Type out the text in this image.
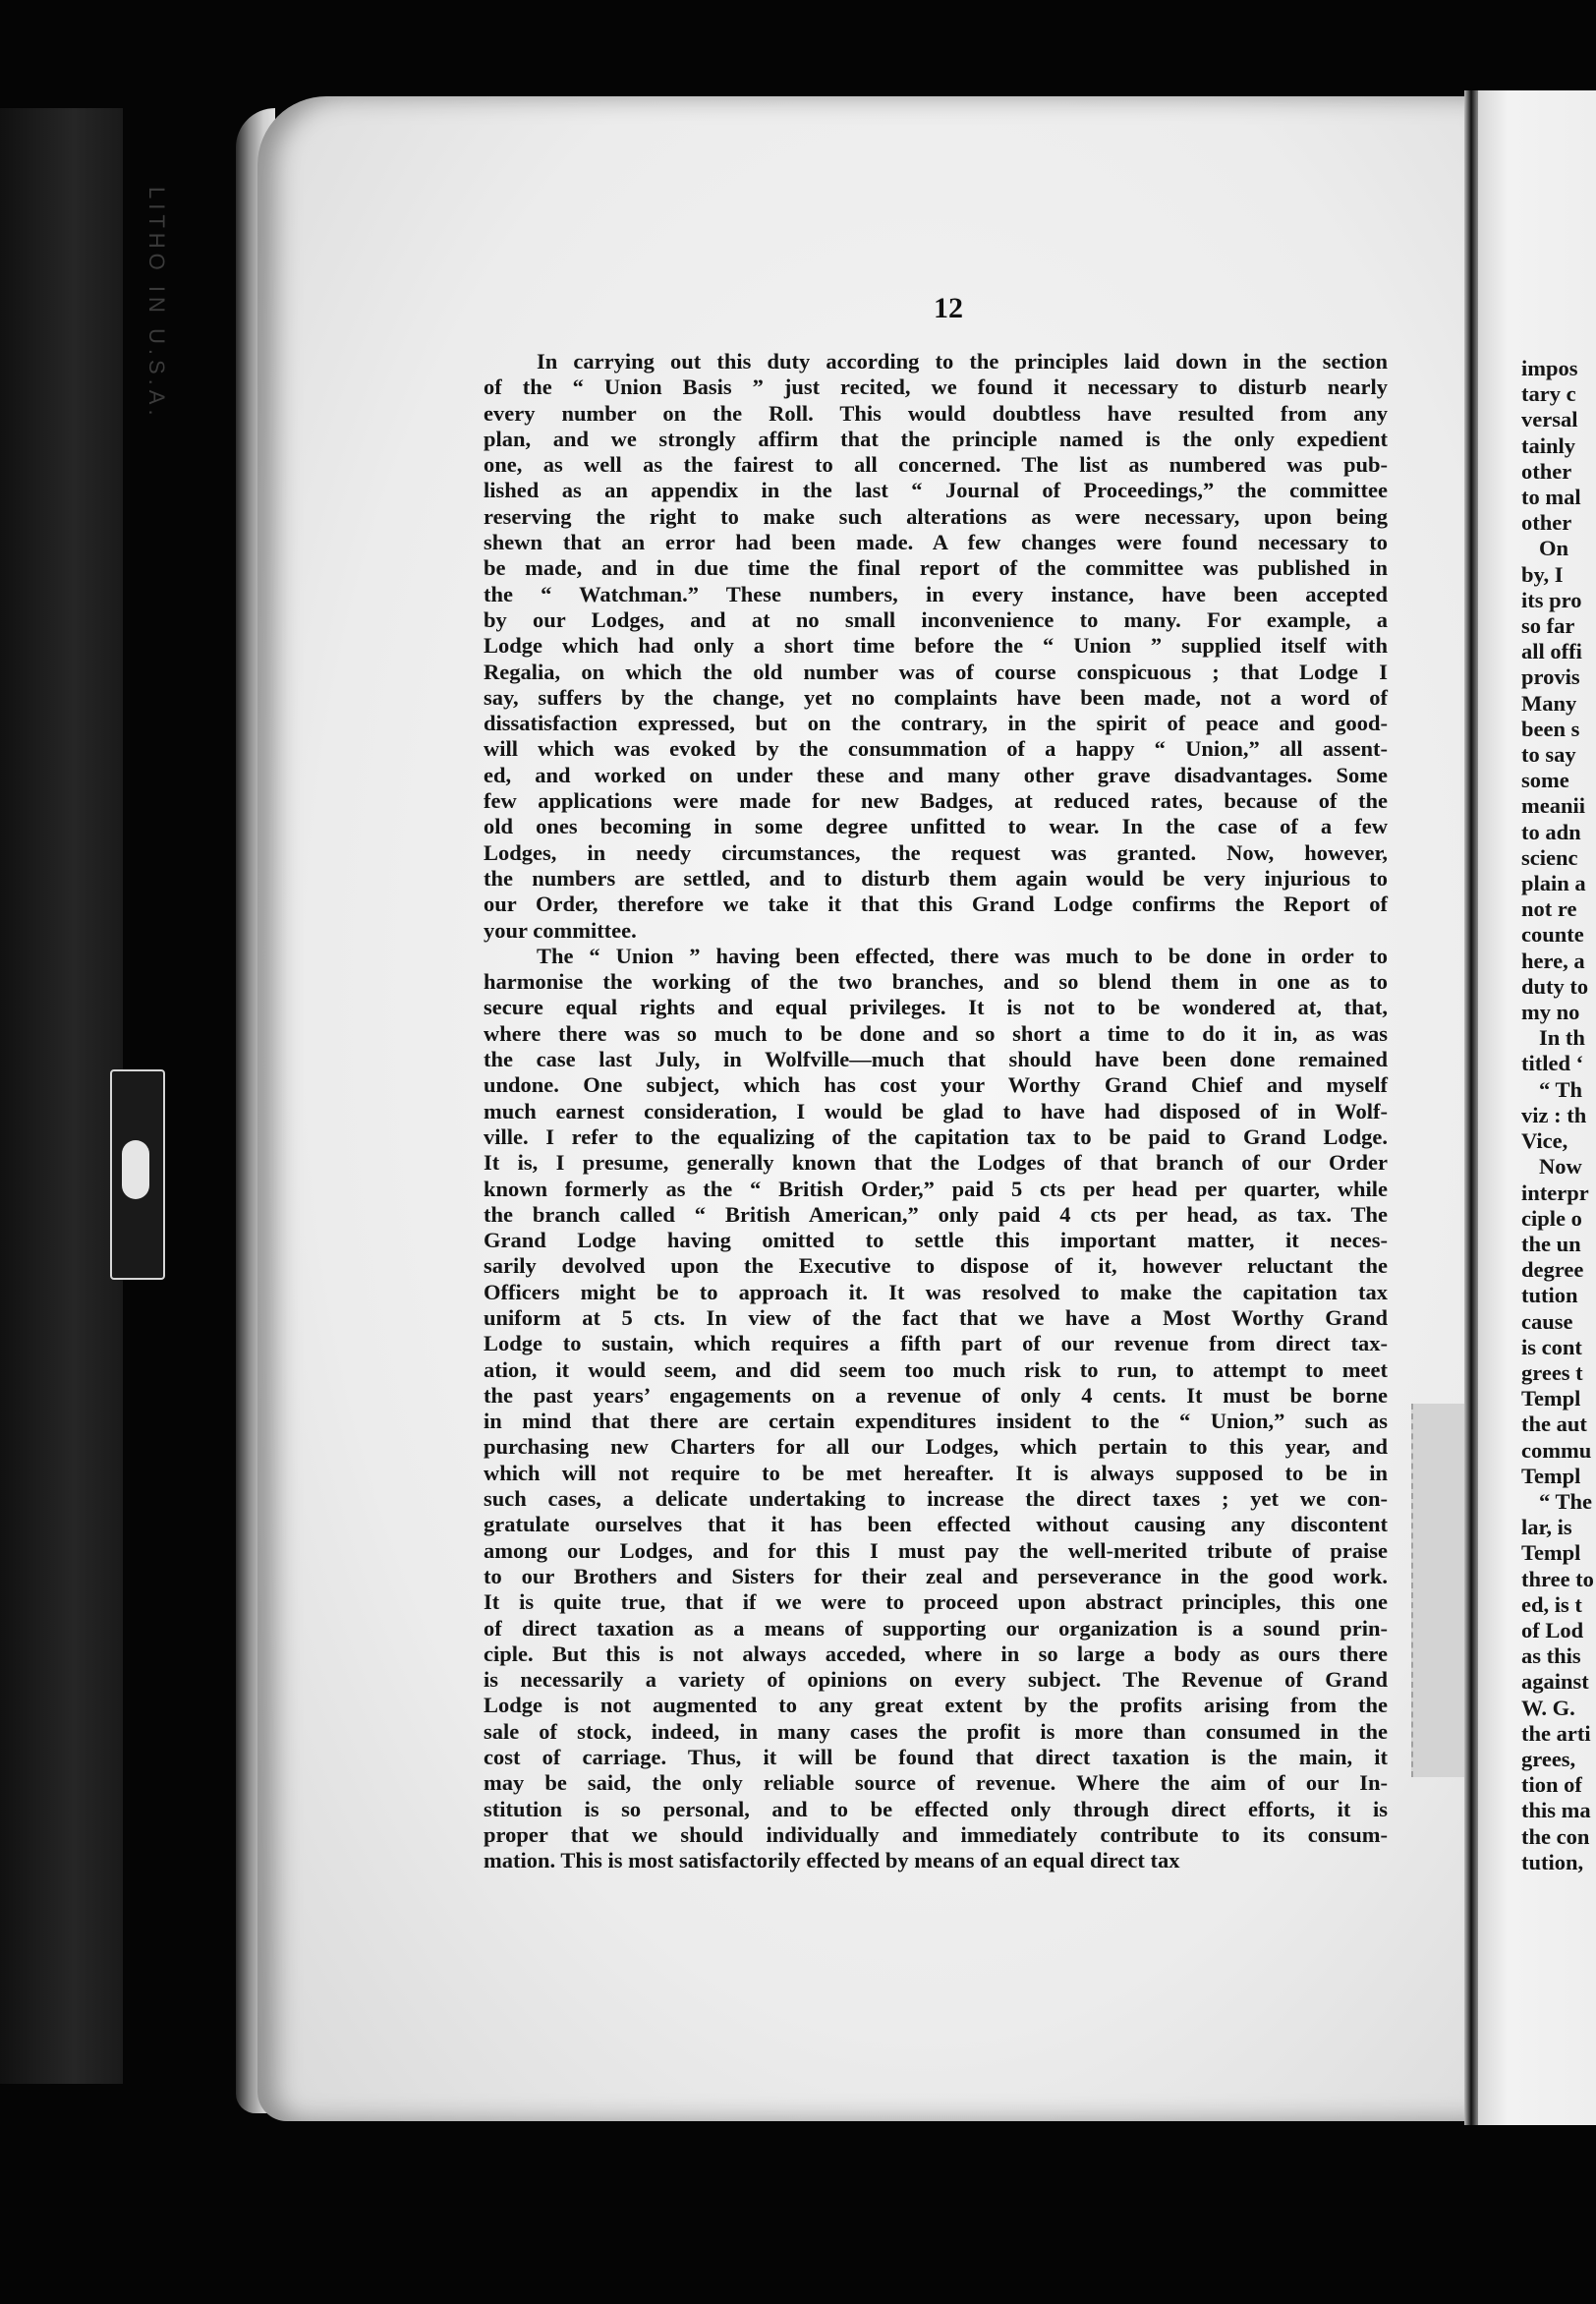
LITHO IN U.S.A.	12
In carrying out this duty according to the principles laid down in the section
of the “ Union Basis ” just recited, we found it necessary to disturb nearly
every number on the Roll. This would doubtless have resulted from any
plan, and we strongly affirm that the principle named is the only expedient
one, as well as the fairest to all concerned. The list as numbered was pub-
lished as an appendix in the last “ Journal of Proceedings,” the committee
reserving the right to make such alterations as were necessary, upon being
shewn that an error had been made. A few changes were found necessary to
be made, and in due time the final report of the committee was published in
the “ Watchman.” These numbers, in every instance, have been accepted
by our Lodges, and at no small inconvenience to many. For example, a
Lodge which had only a short time before the “ Union ” supplied itself with
Regalia, on which the old number was of course conspicuous ; that Lodge I
say, suffers by the change, yet no complaints have been made, not a word of
dissatisfaction expressed, but on the contrary, in the spirit of peace and good-
will which was evoked by the consummation of a happy “ Union,” all assent-
ed, and worked on under these and many other grave disadvantages. Some
few applications were made for new Badges, at reduced rates, because of the
old ones becoming in some degree unfitted to wear. In the case of a few
Lodges, in needy circumstances, the request was granted. Now, however,
the numbers are settled, and to disturb them again would be very injurious to
our Order, therefore we take it that this Grand Lodge confirms the Report of
your committee.
The “ Union ” having been effected, there was much to be done in order to
harmonise the working of the two branches, and so blend them in one as to
secure equal rights and equal privileges. It is not to be wondered at, that,
where there was so much to be done and so short a time to do it in, as was
the case last July, in Wolfville—much that should have been done remained
undone. One subject, which has cost your Worthy Grand Chief and myself
much earnest consideration, I would be glad to have had disposed of in Wolf-
ville. I refer to the equalizing of the capitation tax to be paid to Grand Lodge.
It is, I presume, generally known that the Lodges of that branch of our Order
known formerly as the “ British Order,” paid 5 cts per head per quarter, while
the branch called “ British American,” only paid 4 cts per head, as tax. The
Grand Lodge having omitted to settle this important matter, it neces-
sarily devolved upon the Executive to dispose of it, however reluctant the
Officers might be to approach it. It was resolved to make the capitation tax
uniform at 5 cts. In view of the fact that we have a Most Worthy Grand
Lodge to sustain, which requires a fifth part of our revenue from direct tax-
ation, it would seem, and did seem too much risk to run, to attempt to meet
the past years’ engagements on a revenue of only 4 cents. It must be borne
in mind that there are certain expenditures insident to the “ Union,” such as
purchasing new Charters for all our Lodges, which pertain to this year, and
which will not require to be met hereafter. It is always supposed to be in
such cases, a delicate undertaking to increase the direct taxes ; yet we con-
gratulate ourselves that it has been effected without causing any discontent
among our Lodges, and for this I must pay the well-merited tribute of praise
to our Brothers and Sisters for their zeal and perseverance in the good work.
It is quite true, that if we were to proceed upon abstract principles, this one
of direct taxation as a means of supporting our organization is a sound prin-
ciple. But this is not always acceded, where in so large a body as ours there
is necessarily a variety of opinions on every subject. The Revenue of Grand
Lodge is not augmented to any great extent by the profits arising from the
sale of stock, indeed, in many cases the profit is more than consumed in the
cost of carriage. Thus, it will be found that direct taxation is the main, it
may be said, the only reliable source of revenue. Where the aim of our In-
stitution is so personal, and to be effected only through direct efforts, it is
proper that we should individually and immediately contribute to its consum-
mation. This is most satisfactorily effected by means of an equal direct tax
impos
tary c
versal
tainly
other
to mal
other
On
by, I
its pro
so far
all offi
provis
Many
been s
to say
some
meanii
to adn
scienc
plain a
not re
counte
here, a
duty to
my no
In th
titled ‘
“ Th
viz : th
Vice,
Now
interpr
ciple o
the un
degree
tution
cause
is cont
grees t
Templ
the aut
commu
Templ
“ The
lar, is
Templ
three to
ed, is t
of Lod
as this
against
W. G.
the arti
grees,
tion of
this ma
the con
tution,
